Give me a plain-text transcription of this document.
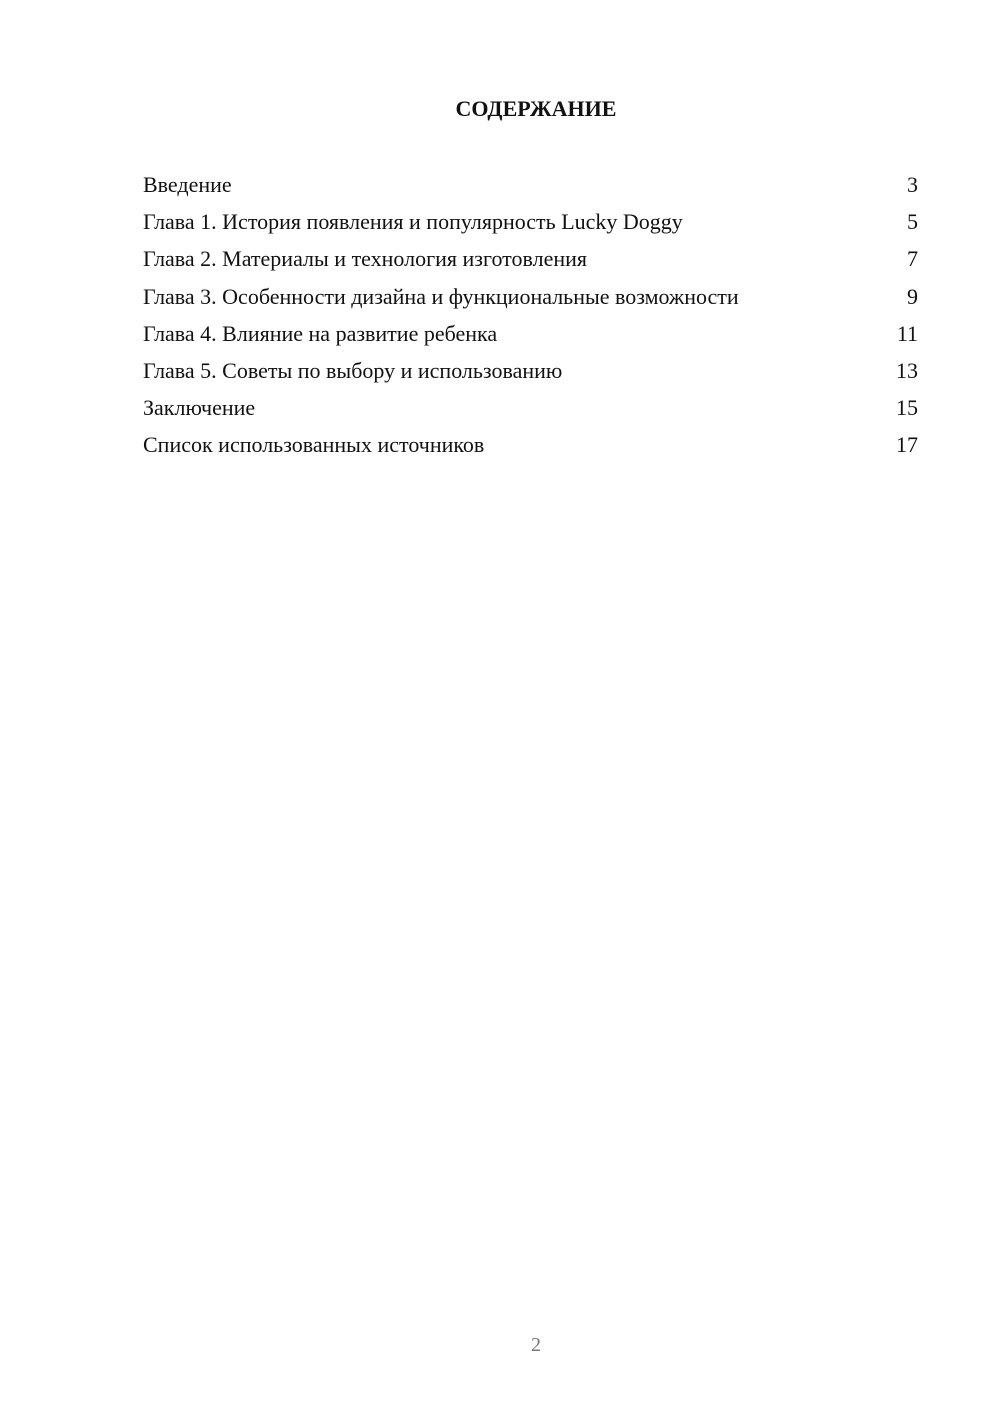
СОДЕРЖАНИЕ
Введение	3
Глава 1. История появления и популярность Lucky Doggy	5
Глава 2. Материалы и технология изготовления	7
Глава 3. Особенности дизайна и функциональные возможности	9
Глава 4. Влияние на развитие ребенка	11
Глава 5. Советы по выбору и использованию	13
Заключение	15
Список использованных источников	17
2
